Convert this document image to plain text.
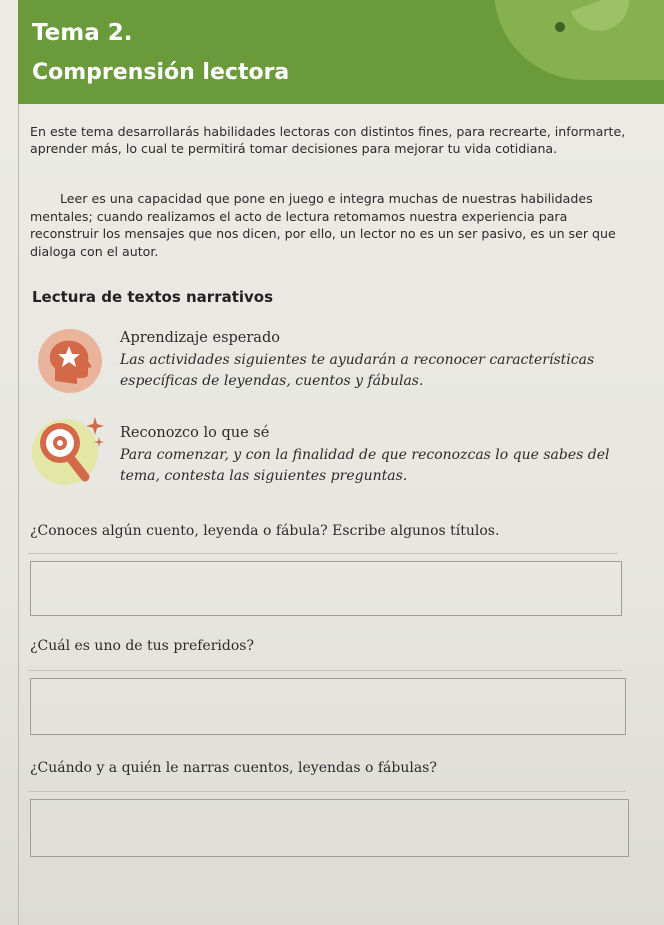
Tema 2.
Comprensión lectora

En este tema desarrollarás habilidades lectoras con distintos fines, para recrearte, informarte, aprender más, lo cual te permitirá tomar decisiones para mejorar tu vida cotidiana.

Leer es una capacidad que pone en juego e integra muchas de nuestras habilidades mentales; cuando realizamos el acto de lectura retomamos nuestra experiencia para reconstruir los mensajes que nos dicen, por ello, un lector no es un ser pasivo, es un ser que dialoga con el autor.

Lectura de textos narrativos

Aprendizaje esperado

Las actividades siguientes te ayudarán a reconocer características específicas de leyendas, cuentos y fábulas.

Reconozco lo que sé

Para comenzar, y con la finalidad de que reconozcas lo que sabes del tema, contesta las siguientes preguntas.

¿Conoces algún cuento, leyenda o fábula? Escribe algunos títulos.

¿Cuál es uno de tus preferidos?

¿Cuándo y a quién le narras cuentos, leyendas o fábulas?
